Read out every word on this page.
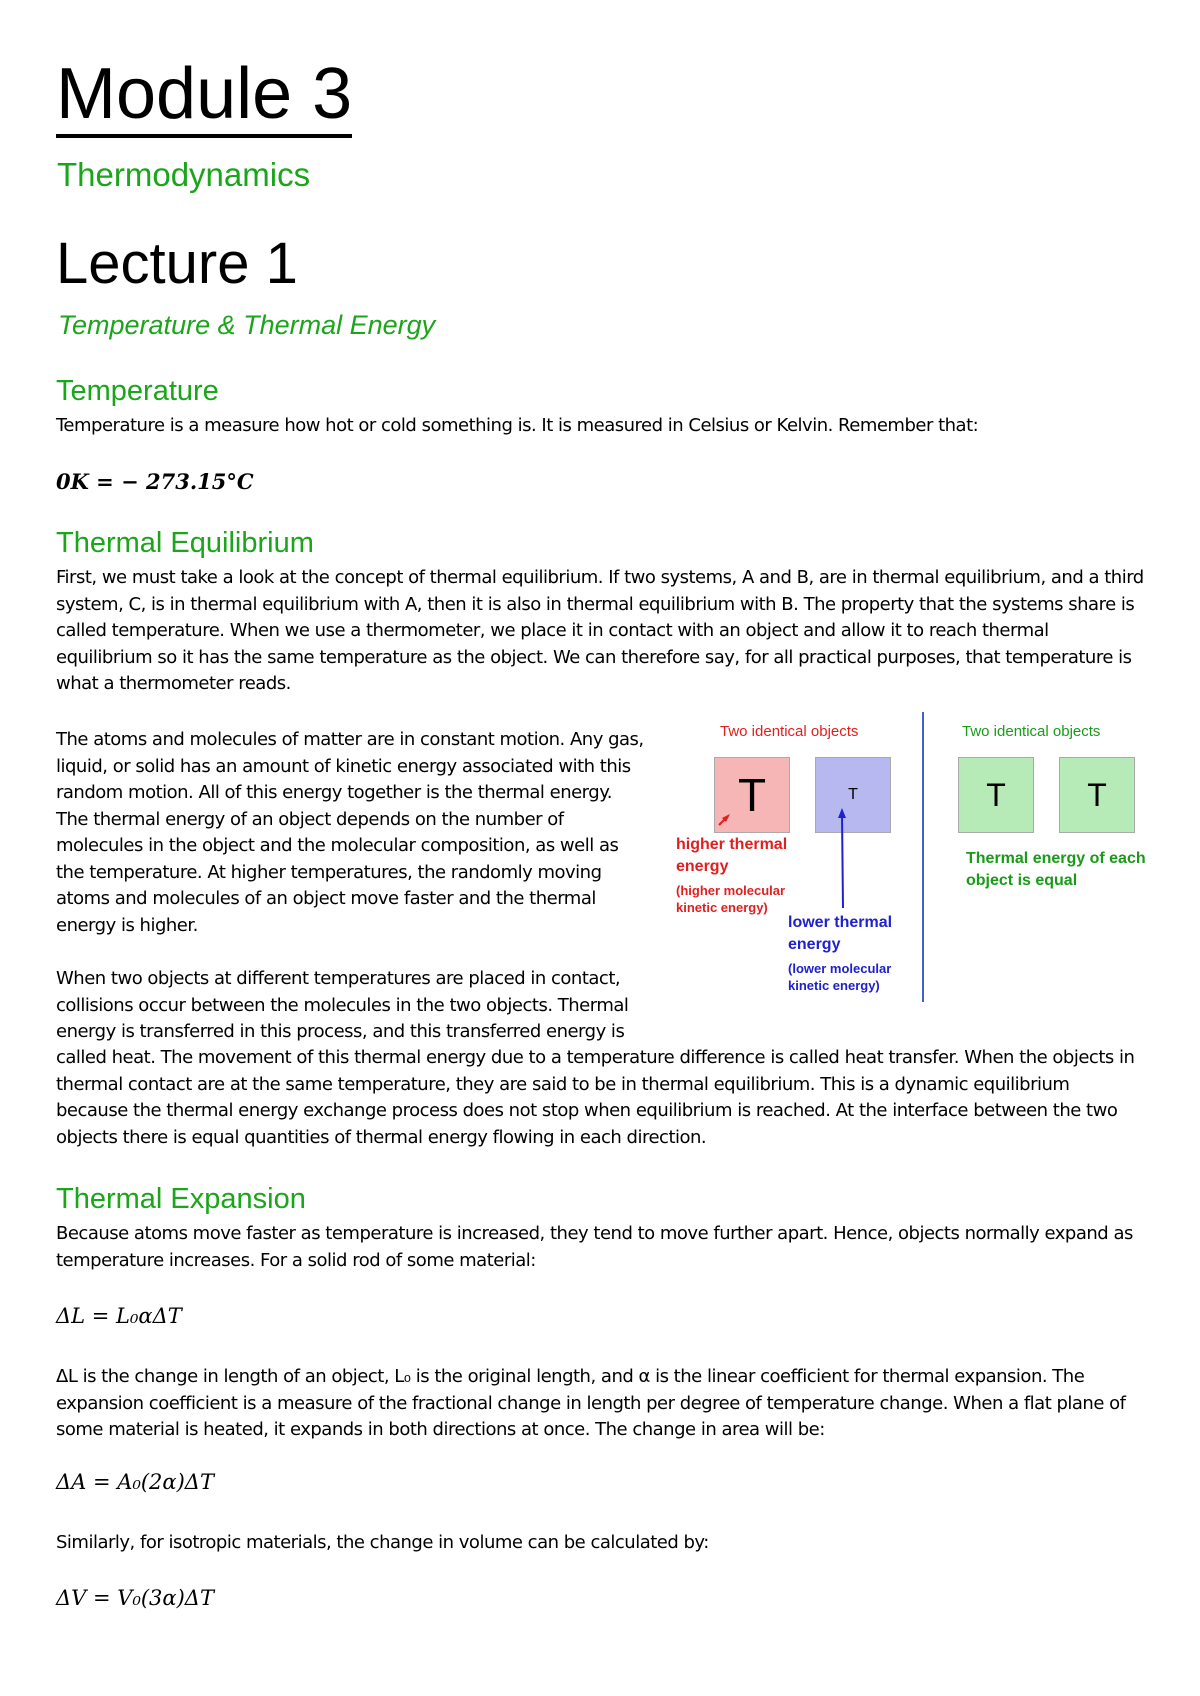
Module 3
Thermodynamics
Lecture 1
Temperature & Thermal Energy
Temperature

Temperature is a measure how hot or cold something is. It is measured in Celsius or Kelvin. Remember that:

0K = − 273.15°C

Thermal Equilibrium

First, we must take a look at the concept of thermal equilibrium. If two systems, A and B, are in thermal equilibrium, and a third system, C, is in thermal equilibrium with A, then it is also in thermal equilibrium with B. The property that the systems share is called temperature. When we use a thermometer, we place it in contact with an object and allow it to reach thermal equilibrium so it has the same temperature as the object. We can therefore say, for all practical purposes, that temperature is what a thermometer reads.

The atoms and molecules of matter are in constant motion. Any gas, liquid, or solid has an amount of kinetic energy associated with this random motion. All of this energy together is the thermal energy. The thermal energy of an object depends on the number of molecules in the object and the molecular composition, as well as the temperature. At higher temperatures, the randomly moving atoms and molecules of an object move faster and the thermal energy is higher.

When two objects at different temperatures are placed in contact, collisions occur between the molecules in the two objects. Thermal energy is transferred in this process, and this transferred energy is

called heat. The movement of this thermal energy due to a temperature difference is called heat transfer. When the objects in thermal contact are at the same temperature, they are said to be in thermal equilibrium. This is a dynamic equilibrium because the thermal energy exchange process does not stop when equilibrium is reached. At the interface between the two objects there is equal quantities of thermal energy flowing in each direction.

Two identical objects
T	T
higher thermal energy
(higher molecular kinetic energy)
lower thermal energy
(lower molecular kinetic energy)
Two identical objects
T	T
Thermal energy of each object is equal
Thermal Expansion

Because atoms move faster as temperature is increased, they tend to move further apart. Hence, objects normally expand as temperature increases. For a solid rod of some material:

ΔL = L₀αΔT

ΔL is the change in length of an object, L₀ is the original length, and α is the linear coefficient for thermal expansion. The expansion coefficient is a measure of the fractional change in length per degree of temperature change. When a flat plane of some material is heated, it expands in both directions at once. The change in area will be:

ΔA = A₀(2α)ΔT

Similarly, for isotropic materials, the change in volume can be calculated by:

ΔV = V₀(3α)ΔT
